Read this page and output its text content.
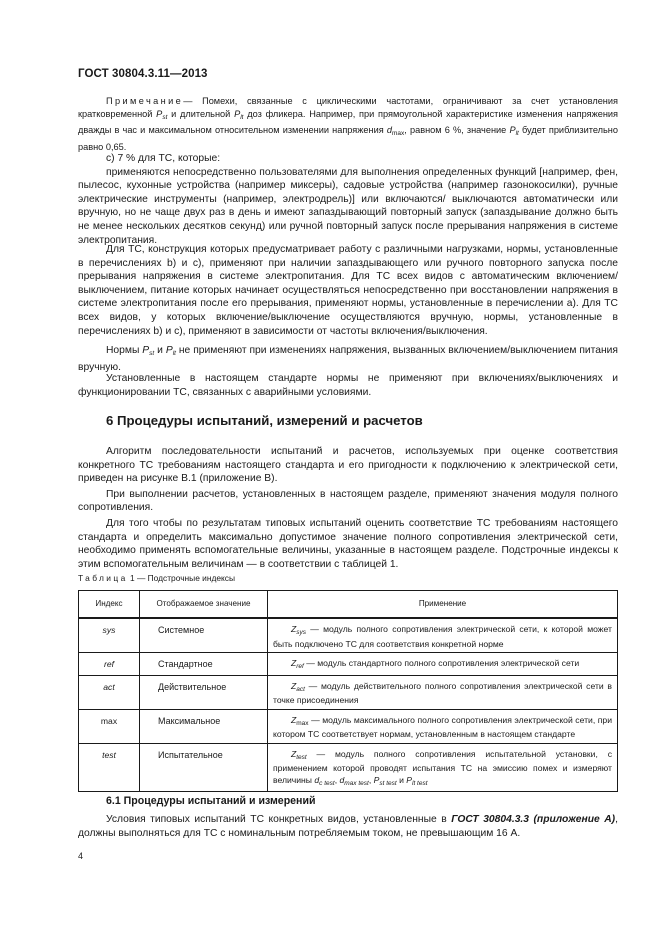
ГОСТ 30804.3.11—2013
Примечание— Помехи, связанные с циклическими частотами, ограничивают за счет установления кратковременной $P_{st}$ и длительной $P_{lt}$ доз фликера. Например, при прямоугольной характеристике изменения напряжения дважды в час и максимальном относительном изменении напряжения $d_{max}$, равном 6 %, значение $P_{lt}$ будет приблизительно равно 0,65.

c) 7 % для ТС, которые:

применяются непосредственно пользователями для выполнения определенных функций [например, фен, пылесос, кухонные устройства (например миксеры), садовые устройства (например газонокосилки), ручные электрические инструменты (например, электродрель)] или включаются/ выключаются автоматически или вручную, но не чаще двух раз в день и имеют запаздывающий повторный запуск (запаздывание должно быть не менее нескольких десятков секунд) или ручной повторный запуск после прерывания напряжения в системе электропитания.

Для ТС, конструкция которых предусматривает работу с различными нагрузками, нормы, установленные в перечислениях b) и c), применяют при наличии запаздывающего или ручного повторного запуска после прерывания напряжения в системе электропитания. Для ТС всех видов с автоматическим включением/выключением, питание которых начинает осуществляться непосредственно при восстановлении напряжения в системе электропитания после его прерывания, применяют нормы, установленные в перечислении а). Для ТС всех видов, у которых включение/выключение осуществляются вручную, нормы, установленные в перечислениях b) и c), применяют в зависимости от частоты включения/выключения.

Нормы $P_{st}$ и $P_{lt}$ не применяют при изменениях напряжения, вызванных включением/выключением питания вручную.

Установленные в настоящем стандарте нормы не применяют при включениях/выключениях и функционировании ТС, связанных с аварийными условиями.

6 Процедуры испытаний, измерений и расчетов

Алгоритм последовательности испытаний и расчетов, используемых при оценке соответствия конкретного ТС требованиям настоящего стандарта и его пригодности к подключению к электрической сети, приведен на рисунке В.1 (приложение В).

При выполнении расчетов, установленных в настоящем разделе, применяют значения модуля полного сопротивления.

Для того чтобы по результатам типовых испытаний оценить соответствие ТС требованиям настоящего стандарта и определить максимально допустимое значение полного сопротивления электрической сети, необходимо применять вспомогательные величины, указанные в настоящем разделе. Подстрочные индексы к этим вспомогательным величинам — в соответствии с таблицей 1.

Таблица 1 — Подстрочные индексы
Индекс	Отображаемое значение	Применение
sys	Системное	$Z_{sys}$ — модуль полного сопротивления электрической сети, к которой может быть подключено ТС для соответствия конкретной норме
ref	Стандартное	$Z_{ref}$ — модуль стандартного полного сопротивления электрической сети
act	Действительное	$Z_{act}$ — модуль действительного полного сопротивления электрической сети в точке присоединения
max	Максимальное	$Z_{max}$ — модуль максимального полного сопротивления электрической сети, при котором ТС соответствует нормам, установленным в настоящем стандарте
test	Испытательное	$Z_{test}$ — модуль полного сопротивления испытательной установки, с применением которой проводят испытания ТС на эмиссию помех и измеряют величины $d_{c test}$, $d_{max test}$, $P_{st test}$ и $P_{lt test}$
6.1 Процедуры испытаний и измерений

Условия типовых испытаний ТС конкретных видов, установленные в ГОСТ 30804.3.3 (приложение А), должны выполняться для ТС с номинальным потребляемым током, не превышающим 16 А.

4
